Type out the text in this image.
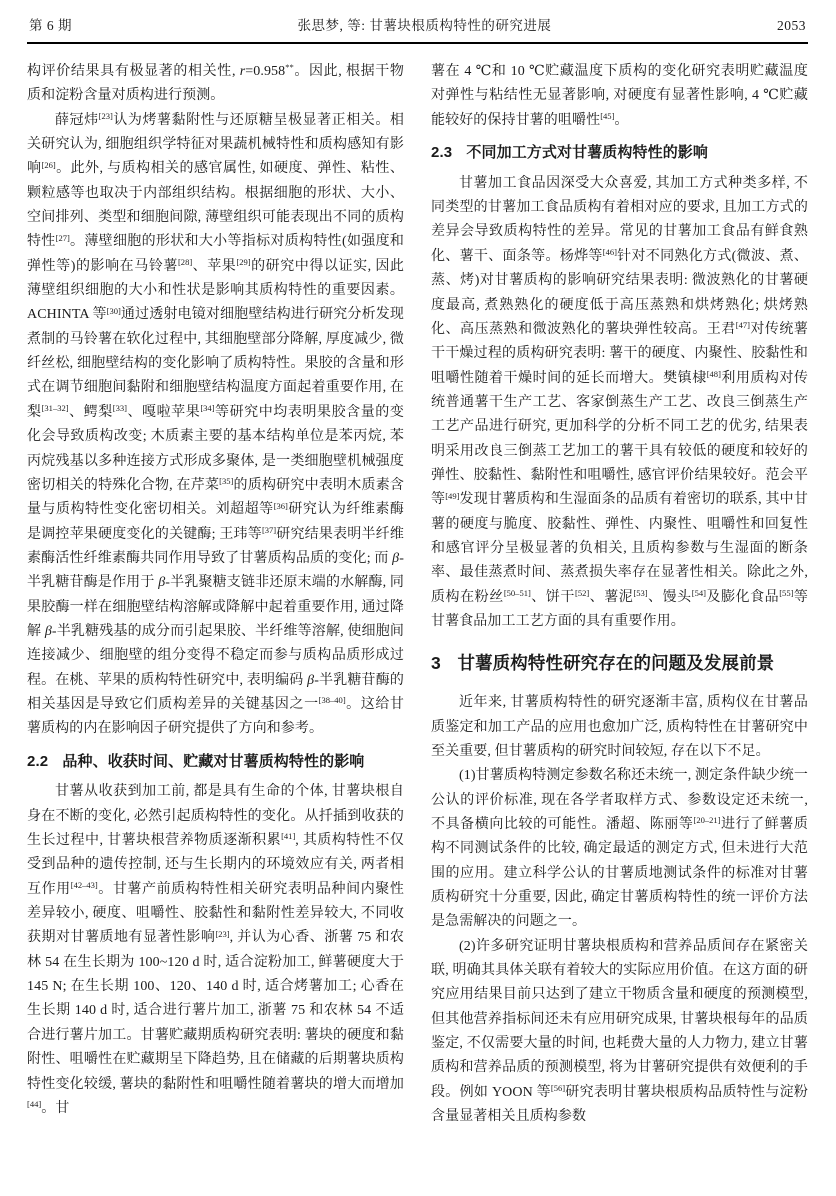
第 6 期	张思梦, 等: 甘薯块根质构特性的研究进展	2053

构评价结果具有极显著的相关性, r=0.958**。因此, 根据干物质和淀粉含量对质构进行预测。

薛冠炜[23]认为烤薯黏附性与还原糖呈极显著正相关。相关研究认为, 细胞组织学特征对果蔬机械特性和质构感知有影响[26]。此外, 与质构相关的感官属性, 如硬度、弹性、粘性、颗粒感等也取决于内部组织结构。根据细胞的形状、大小、空间排列、类型和细胞间隙, 薄壁组织可能表现出不同的质构特性[27]。薄壁细胞的形状和大小等指标对质构特性(如强度和弹性等)的影响在马铃薯[28]、苹果[29]的研究中得以证实, 因此薄壁组织细胞的大小和性状是影响其质构特性的重要因素。ACHINTA 等[30]通过透射电镜对细胞壁结构进行研究分析发现煮制的马铃薯在软化过程中, 其细胞壁部分降解, 厚度减少, 微纤丝松, 细胞壁结构的变化影响了质构特性。果胶的含量和形式在调节细胞间黏附和细胞壁结构温度方面起着重要作用, 在梨[31–32]、鳄梨[33]、嘎啦苹果[34]等研究中均表明果胶含量的变化会导致质构改变; 木质素主要的基本结构单位是苯丙烷, 苯丙烷残基以多种连接方式形成多聚体, 是一类细胞壁机械强度密切相关的特殊化合物, 在芹菜[35]的质构研究中表明木质素含量与质构特性变化密切相关。刘超超等[36]研究认为纤维素酶是调控苹果硬度变化的关键酶; 王玮等[37]研究结果表明半纤维素酶活性纤维素酶共同作用导致了甘薯质构品质的变化; 而 β-半乳糖苷酶是作用于 β-半乳聚糖支链非还原末端的水解酶, 同果胶酶一样在细胞壁结构溶解或降解中起着重要作用, 通过降解 β-半乳糖残基的成分而引起果胶、半纤维等溶解, 使细胞间连接减少、细胞壁的组分变得不稳定而参与质构品质形成过程。在桃、苹果的质构特性研究中, 表明编码 β-半乳糖苷酶的相关基因是导致它们质构差异的关键基因之一[38–40]。这给甘薯质构的内在影响因子研究提供了方向和参考。

2.2 品种、收获时间、贮藏对甘薯质构特性的影响

甘薯从收获到加工前, 都是具有生命的个体, 甘薯块根自身在不断的变化, 必然引起质构特性的变化。从扦插到收获的生长过程中, 甘薯块根营养物质逐渐积累[41], 其质构特性不仅受到品种的遗传控制, 还与生长期内的环境效应有关, 两者相互作用[42–43]。甘薯产前质构特性相关研究表明品种间内聚性差异较小, 硬度、咀嚼性、胶黏性和黏附性差异较大, 不同收获期对甘薯质地有显著性影响[23], 并认为心香、浙薯 75 和农林 54 在生长期为 100~120 d 时, 适合淀粉加工, 鲜薯硬度大于 145 N; 在生长期 100、120、140 d 时, 适合烤薯加工; 心香在生长期 140 d 时, 适合进行薯片加工, 浙薯 75 和农林 54 不适合进行薯片加工。甘薯贮藏期质构研究表明: 薯块的硬度和黏附性、咀嚼性在贮藏期呈下降趋势, 且在储藏的后期薯块质构特性变化较缓, 薯块的黏附性和咀嚼性随着薯块的增大而增加[44]。甘

薯在 4 ℃和 10 ℃贮藏温度下质构的变化研究表明贮藏温度对弹性与粘结性无显著影响, 对硬度有显著性影响, 4 ℃贮藏能较好的保持甘薯的咀嚼性[45]。

2.3 不同加工方式对甘薯质构特性的影响

甘薯加工食品因深受大众喜爱, 其加工方式种类多样, 不同类型的甘薯加工食品质构有着相对应的要求, 且加工方式的差异会导致质构特性的差异。常见的甘薯加工食品有鲜食熟化、薯干、面条等。杨烨等[46]针对不同熟化方式(微波、煮、蒸、烤)对甘薯质构的影响研究结果表明: 微波熟化的甘薯硬度最高, 煮熟熟化的硬度低于高压蒸熟和烘烤熟化; 烘烤熟化、高压蒸熟和微波熟化的薯块弹性较高。王君[47]对传统薯干干燥过程的质构研究表明: 薯干的硬度、内聚性、胶黏性和咀嚼性随着干燥时间的延长而增大。樊镇棣[48]利用质构对传统普通薯干生产工艺、客家倒蒸生产工艺、改良三倒蒸生产工艺产品进行研究, 更加科学的分析不同工艺的优劣, 结果表明采用改良三倒蒸工艺加工的薯干具有较低的硬度和较好的弹性、胶黏性、黏附性和咀嚼性, 感官评价结果较好。范会平等[49]发现甘薯质构和生湿面条的品质有着密切的联系, 其中甘薯的硬度与脆度、胶黏性、弹性、内聚性、咀嚼性和回复性和感官评分呈极显著的负相关, 且质构参数与生湿面的断条率、最佳蒸煮时间、蒸煮损失率存在显著性相关。除此之外, 质构在粉丝[50–51]、饼干[52]、薯泥[53]、馒头[54]及膨化食品[55]等甘薯食品加工工艺方面的具有重要作用。

3 甘薯质构特性研究存在的问题及发展前景

近年来, 甘薯质构特性的研究逐渐丰富, 质构仪在甘薯品质鉴定和加工产品的应用也愈加广泛, 质构特性在甘薯研究中至关重要, 但甘薯质构的研究时间较短, 存在以下不足。

(1)甘薯质构特测定参数名称还未统一, 测定条件缺少统一公认的评价标准, 现在各学者取样方式、参数设定还未统一, 不具备横向比较的可能性。潘超、陈丽等[20–21]进行了鲜薯质构不同测试条件的比较, 确定最适的测定方式, 但未进行大范围的应用。建立科学公认的甘薯质地测试条件的标准对甘薯质构研究十分重要, 因此, 确定甘薯质构特性的统一评价方法是急需解决的问题之一。

(2)许多研究证明甘薯块根质构和营养品质间存在紧密关联, 明确其具体关联有着较大的实际应用价值。在这方面的研究应用结果目前只达到了建立干物质含量和硬度的预测模型, 但其他营养指标间还未有应用研究成果, 甘薯块根每年的品质鉴定, 不仅需要大量的时间, 也耗费大量的人力物力, 建立甘薯质构和营养品质的预测模型, 将为甘薯研究提供有效便利的手段。例如 YOON 等[56]研究表明甘薯块根质构品质特性与淀粉含量显著相关且质构参数
